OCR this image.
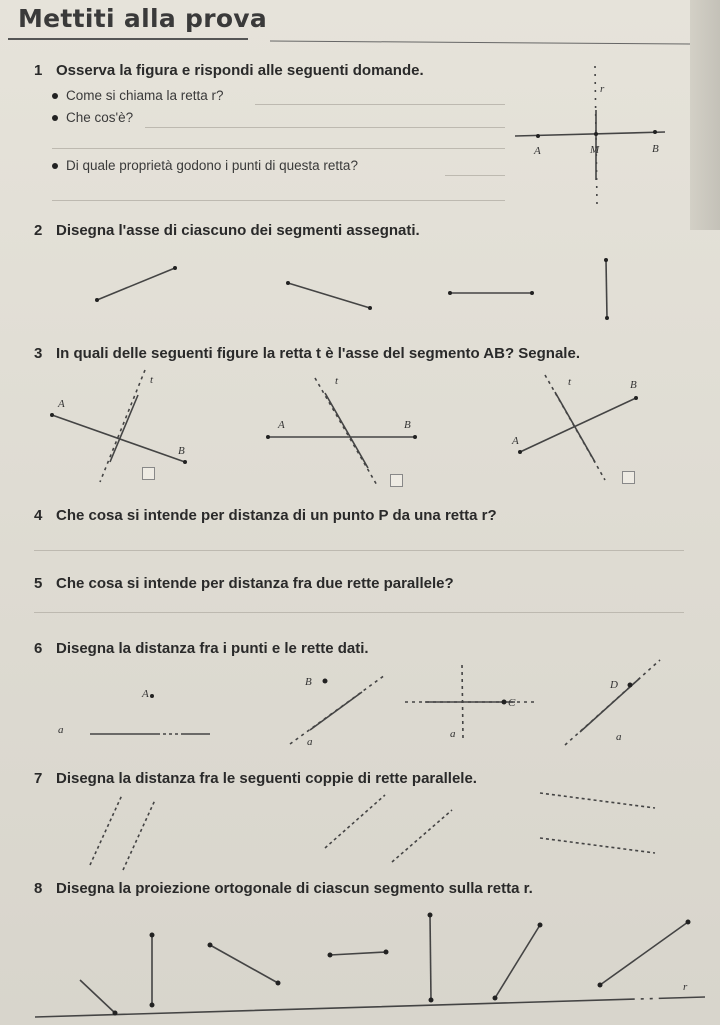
Mettiti alla prova
1 Osserva la figura e rispondi alle seguenti domande.
Come si chiama la retta r?
Che cos'è?
Di quale proprietà godono i punti di questa retta?
2 Disegna l'asse di ciascuno dei segmenti assegnati.
3 In quali delle seguenti figure la retta t è l'asse del segmento AB? Segnale.
4 Che cosa si intende per distanza di un punto P da una retta r?
5 Che cosa si intende per distanza fra due rette parallele?
6 Disegna la distanza fra i punti e le rette dati.
7 Disegna la distanza fra le seguenti coppie di rette parallele.
8 Disegna la proiezione ortogonale di ciascun segmento sulla retta r.
r
A	M	B
t
A
B
t
A	B
t
A
B
A
a
B
a
C
a
D
a
r
